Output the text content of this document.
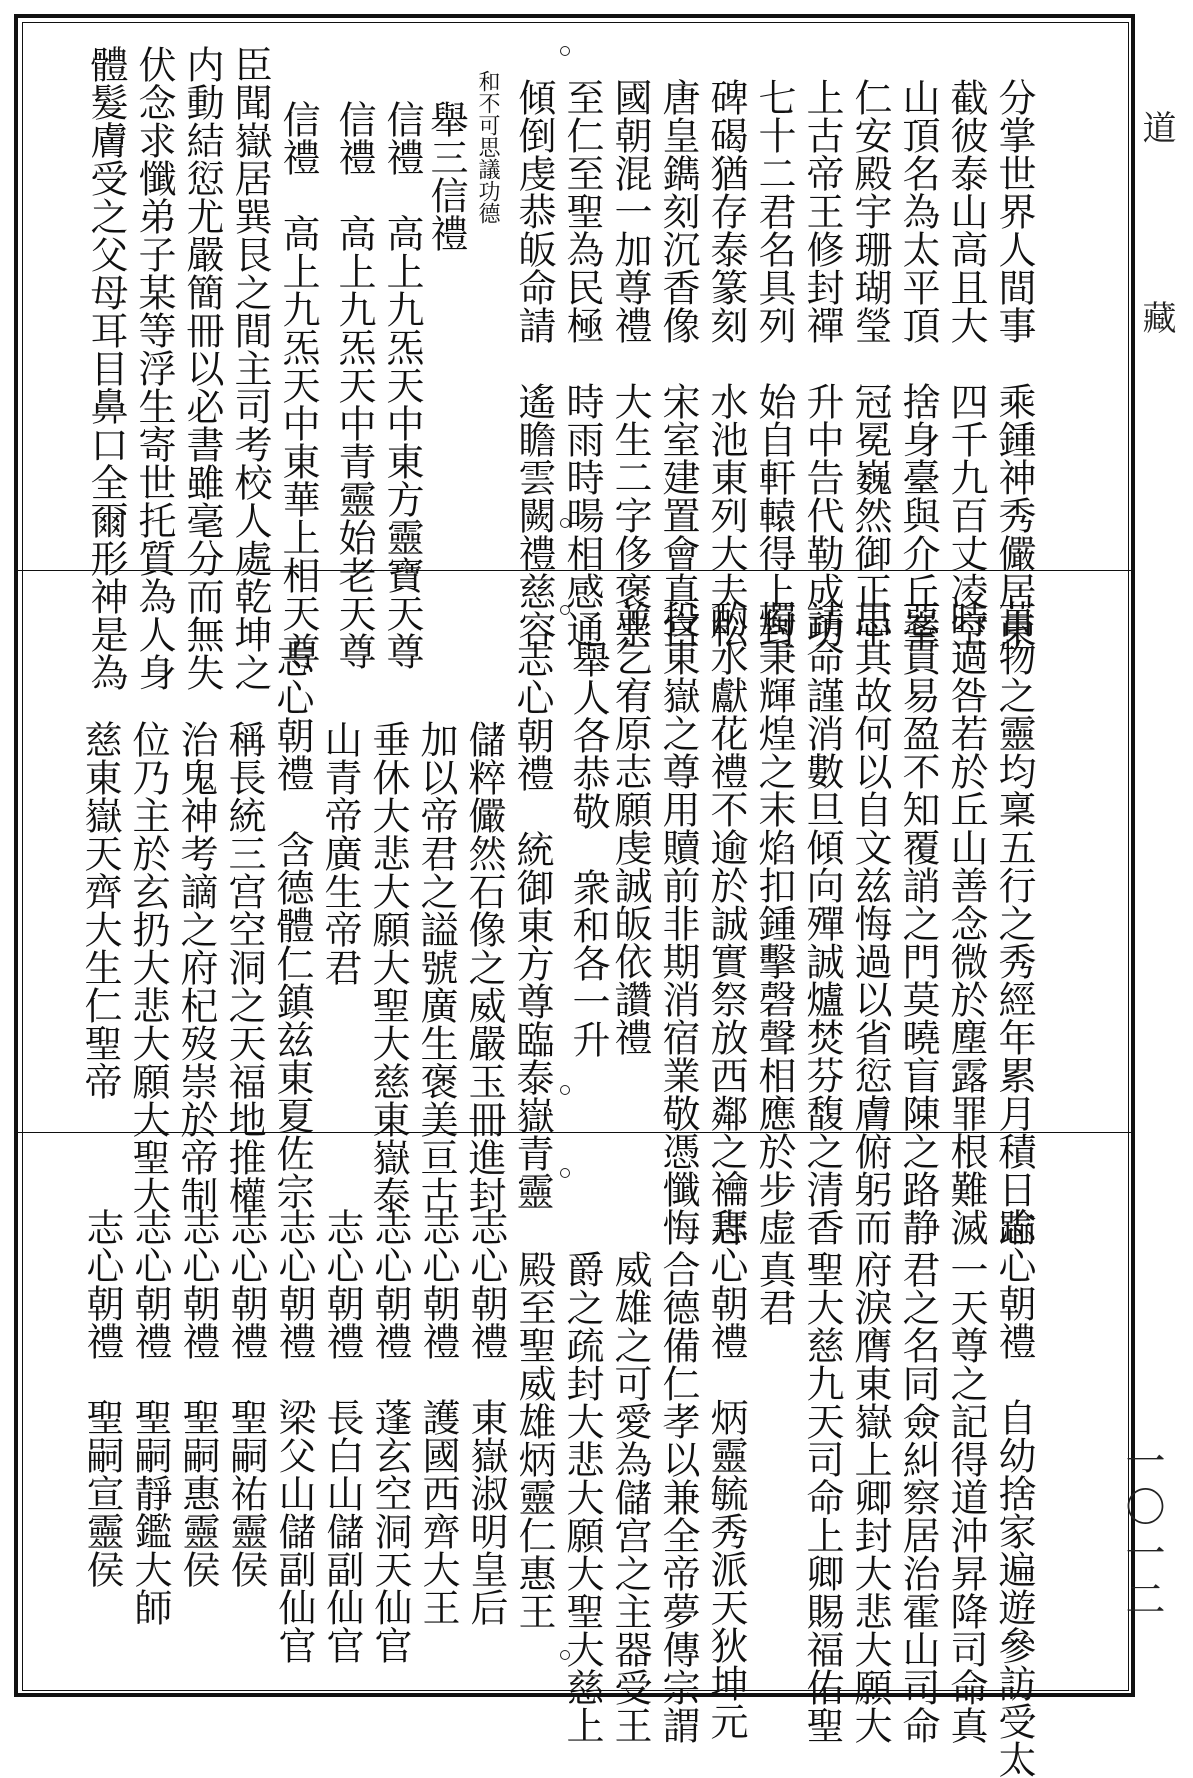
道
藏
一〇一二
分掌世界人間事　乘鍾神秀儼居東
截彼泰山高且大　四千九百丈凌空
山頂名為太平頂　捨身臺與介丘峯
仁安殿宇珊瑚瑩　冠冕巍然御正中
上古帝王修封禪　升中告代勒成功
七十二君名具列　始自軒轅得上封
碑碣猶存泰篆刻　水池東列大夫松
唐皇鐫刻沉香像　宋室建置會真宫
國朝混一加尊禮　大生二字侈褒崇
至仁至聖為民極　時雨時暘相感通
傾倒虔恭皈命請　遙瞻雲闕禮慈容
和不可思議功德
舉三信禮
信禮　高上九炁天中東方靈寶天尊
信禮　高上九炁天中青靈始老天尊
信禮　高上九炁天中東華上相天尊
臣聞嶽居巽艮之間主司考校人處乾坤之
内動結愆尤嚴簡冊以必書雖毫分而無失
伏念求懺弟子某等浮生寄世托質為人身
體髮膚受之父母耳目鼻口全爾形神是為
萬物之靈均稟五行之秀經年累月積日踰
時過咎若於丘山善念微於塵露罪根難滅
惡貫易盈不知覆誚之門莫曉盲陳之路静
思其故何以自文兹悔過以省愆膚俯躬而
請命謹消數旦傾向殫誠爐焚芬馥之清香
燭秉輝煌之末焰扣鍾擊磬聲相應於步虚
酌水獻花禮不逾於誠實祭放西鄰之禴拜
投東嶽之尊用贖前非期消宿業敬憑懺悔
並乞宥原志願虔誠皈依讚禮
舉人各恭敬　衆和各一升
志心朝禮　統御東方尊臨泰嶽青靈
儲粹儼然石像之威嚴玉冊進封
加以帝君之謚號廣生褒美亘古
垂休大悲大願大聖大慈東嶽泰
山青帝廣生帝君
志心朝禮　含德體仁鎮兹東夏佐宗
稱長統三宫空洞之天福地推權
治鬼神考謫之府杞歿崇於帝制
位乃主於玄扔大悲大願大聖大
慈東嶽天齊大生仁聖帝
志心朝禮　自幼捨家遍遊參訪受太
一天尊之記得道沖昇降司命真
君之名同僉糾察居治霍山司命
府淚膺東嶽上卿封大悲大願大
聖大慈九天司命上卿賜福佑聖
真君
志心朝禮　炳靈毓秀派天狄坤元
合德備仁孝以兼全帝夢傳宗謂
威雄之可愛為儲宫之主器受王
爵之疏封大悲大願大聖大慈上
殿至聖威雄炳靈仁惠王
志心朝禮　東嶽淑明皇后
志心朝禮　護國西齊大王
志心朝禮　蓬玄空洞天仙官
志心朝禮　長白山儲副仙官
志心朝禮　梁父山儲副仙官
志心朝禮　聖嗣祐靈侯
志心朝禮　聖嗣惠靈侯
志心朝禮　聖嗣靜鑑大師
志心朝禮　聖嗣宣靈侯
